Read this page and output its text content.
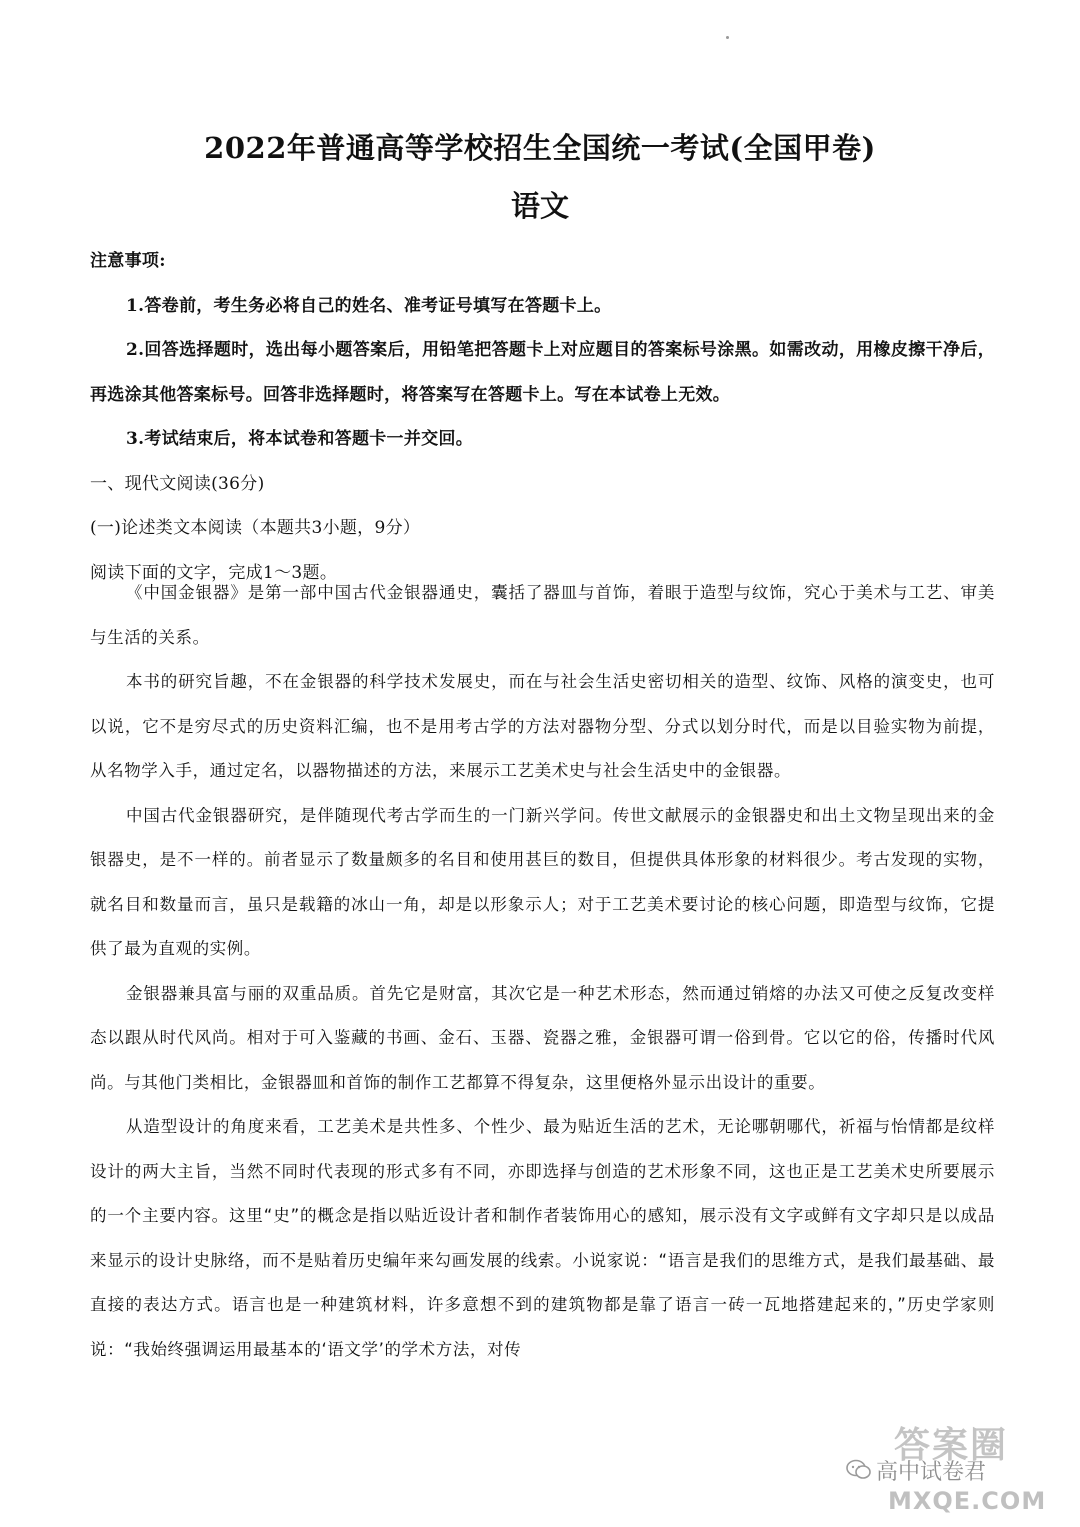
2022年普通高等学校招生全国统一考试(全国甲卷)
语文

注意事项:

1.答卷前，考生务必将自己的姓名、准考证号填写在答题卡上。

2.回答选择题时，选出每小题答案后，用铅笔把答题卡上对应题目的答案标号涂黑。如需改动，用橡皮擦干净后，再选涂其他答案标号。回答非选择题时，将答案写在答题卡上。写在本试卷上无效。

3.考试结束后，将本试卷和答题卡一并交回。

一、现代文阅读(36分)

(一)论述类文本阅读（本题共3小题，9分）

阅读下面的文字，完成1～3题。

《中国金银器》是第一部中国古代金银器通史，囊括了器皿与首饰，着眼于造型与纹饰，究心于美术与工艺、审美与生活的关系。

本书的研究旨趣，不在金银器的科学技术发展史，而在与社会生活史密切相关的造型、纹饰、风格的演变史，也可以说，它不是穷尽式的历史资料汇编，也不是用考古学的方法对器物分型、分式以划分时代，而是以目验实物为前提，从名物学入手，通过定名，以器物描述的方法，来展示工艺美术史与社会生活史中的金银器。

中国古代金银器研究，是伴随现代考古学而生的一门新兴学问。传世文献展示的金银器史和出土文物呈现出来的金银器史，是不一样的。前者显示了数量颇多的名目和使用甚巨的数目，但提供具体形象的材料很少。考古发现的实物，就名目和数量而言，虽只是载籍的冰山一角，却是以形象示人；对于工艺美术要讨论的核心问题，即造型与纹饰，它提供了最为直观的实例。

金银器兼具富与丽的双重品质。首先它是财富，其次它是一种艺术形态，然而通过销熔的办法又可使之反复改变样态以跟从时代风尚。相对于可入鉴藏的书画、金石、玉器、瓷器之雅，金银器可谓一俗到骨。它以它的俗，传播时代风尚。与其他门类相比，金银器皿和首饰的制作工艺都算不得复杂，这里便格外显示出设计的重要。

从造型设计的角度来看，工艺美术是共性多、个性少、最为贴近生活的艺术，无论哪朝哪代，祈福与怡情都是纹样设计的两大主旨，当然不同时代表现的形式多有不同，亦即选择与创造的艺术形象不同，这也正是工艺美术史所要展示的一个主要内容。这里“史”的概念是指以贴近设计者和制作者装饰用心的感知，展示没有文字或鲜有文字却只是以成品来显示的设计史脉络，而不是贴着历史编年来勾画发展的线索。小说家说：“语言是我们的思维方式，是我们最基础、最直接的表达方式。语言也是一种建筑材料，许多意想不到的建筑物都是靠了语言一砖一瓦地搭建起来的，”历史学家则说：“我始终强调运用最基本的‘语文学’的学术方法，对传

答案圈
高中试卷君
MXQE.COM
